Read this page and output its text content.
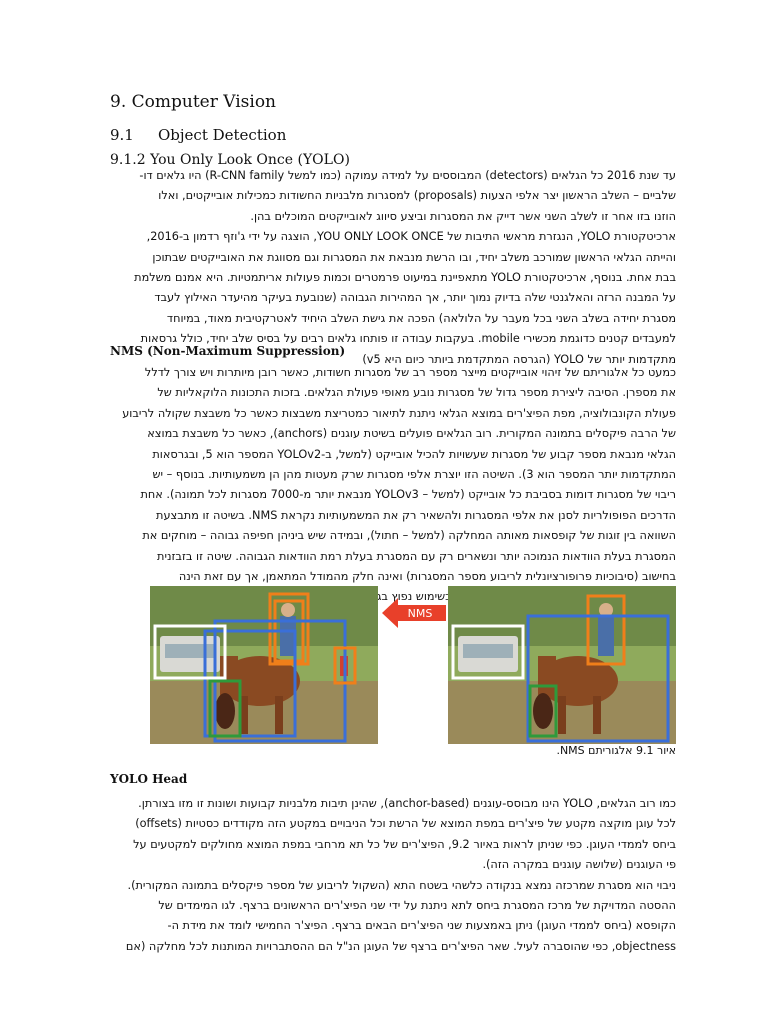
9. Computer Vision
9.1	Object Detection
9.1.2 You Only Look Once (YOLO)
עד שנת 2016 כל הגלאים (detectors) המבוססים על למידה עמוקה (כמו למשל R-CNN family) היו גלאים דו-
שלביים – השלב הראשון יצר אלפי הצעות (proposals) למסגרות מלבניות החשודות כמכילות אובייקטים, ואלו
הוזנו בזו אחר זו לשלב השני אשר דייק את המסגרות וביצע סיווג לאובייקטים המוכלים בהן.
ארכיטקטורת YOLO, הנגזרת מראשי התיבות של YOU ONLY LOOK ONCE, הוצגה על ידי ג'וזף רדמון ב-2016,
והייתה הגלאי הראשון שמורכב משלב יחיד, ובו הרשת מנבאת את המסגרות וגם מסווגת את האובייקטים שבתוכן
בבת אחת. בנוסף, ארכיטקטורת YOLO מתאפיינת במיעוט פרמטרים וכמות פעולות אריתמטיות. היא אמנם משלמת
על המבנה הרזה והאלגנטי שלה בדיוק נמוך יותר, אך המהירות הגבוהה (שנובעת בעיקר מהיעדר האילוץ לעבד
מסגרת יחידה בשלב השני בכל מעבר על הלולאה) הפכה את גישת השלב היחיד לאטרקטיבית מאוד, במיוחד
למעבדים קטנים כדוגמת מכשירי mobile. בעקבות עבודה זו פותחו גלאים רבים על בסיס שלב יחיד, כולל גרסאות
מתקדמות יותר של YOLO (הגרסה המתקדמת ביותר כיום היא v5)
NMS (Non-Maximum Suppression)
כמעט כל אלגוריתם של זיהוי אובייקטים מייצר מספר רב של מסגרות חשודות, כאשר רובן מיותרות ויש צורך לדלל
את מספרן. הסיבה ליצירת מספר גדול של מסגרות נובע מאופי פעולת הגלאים. בזכות התכונות הלוקאליות של
פעולת הקונבולוציה, מפת הפיצ'רים במוצא הגלאי ניתנת לתיאור כמטריצת משבצות כאשר כל משבצת שקולה לריבוע
של הרבה פיקסלים בתמונה המקורית. רוב הגלאים פועלים בשיטת עוגנים (anchors), כאשר כל משבצת במוצא
הגלאי מנבאת מספר קבוע של מסגרות שעשויות להכיל אובייקט (למשל, ב-YOLOv2 המספר הוא 5, ובגרסאות
המתקדמות יותר המספר הוא 3). השיטה הזו יוצרת אלפי מסגרות שרק מעטות מהן הן משמעותיות. בנוסף – יש
ריבוי של מסגרות דומות בסביבת כל אובייקט (למשל – YOLOv3 מנבאת יותר מ-7000 מסגרות לכל תמונה). אחת
הדרכים הפופולריות לסנן את אלפי המסגרות ולהשאיר רק את המשמעותיות נקראת NMS. בשיטה זו מתבצעת
השוואה בין זוגות של קופסאות מאותה המחלקה (למשל – חתול), ובמידה שיש ביניהן חפיפה גבוהה – מוחקים את
המסגרת בעלת הוודאות הנמוכה יותר ונשארים רק עם המסגרת בעלת רמת הוודאות הגבוהה. שיטה זו בזבזנית
בחישוב (סיבוכיות פרופורציונלית לריבוע מספר המסגרות) ואינה חלק מהמודל המתאמן, אך עם זאת הינה
בשימוש נפוץ
NMS
איור 9.1 אלגוריתם NMS.
YOLO Head
כמו רוב הגלאים, YOLO הינו מבוסס-עוגנים (anchor-based), שהינן תיבות מלבניות קבועות ושונות זו מזו בצורתן.
לכל עוגן מוקצה מקטע של פיצ'רים במפת המוצא של הרשת וכל הניבויים במקטע הזה מקודדים כסטיות (offsets)
ביחס לממדי העוגן. כפי שניתן לראות באיור 9.2, הפיצ'רים של כל תא מרחבי במפת המוצא מחולקים למקטעים על
פי העוגנים (שלושה עוגנים במקרה הזה).
ניבוי הוא מסגרת שמרכזה נמצא בנקודה כלשהי בשטח התא (השקול לריבוע של מספר פיקסלים בתמונה המקורית).
ההסטה המדויקת של מרכז המסגרת ביחס לתא ניתנת על ידי שני הפיצ'רים הראשונים ברצף. לגו המימדים של
הקופסא (ביחס לממדי העוגן) ניתן באמצעות שני הפיצ'רים הבאים ברצף. הפיצ'ר החמישי לומד את מידת ה-
objectness, כפי שהוסברה לעיל. שאר הפיצ'רים ברצף של העוגן הנ"ל הם ההסתברויות המותנות לכל מחלקה (אם
